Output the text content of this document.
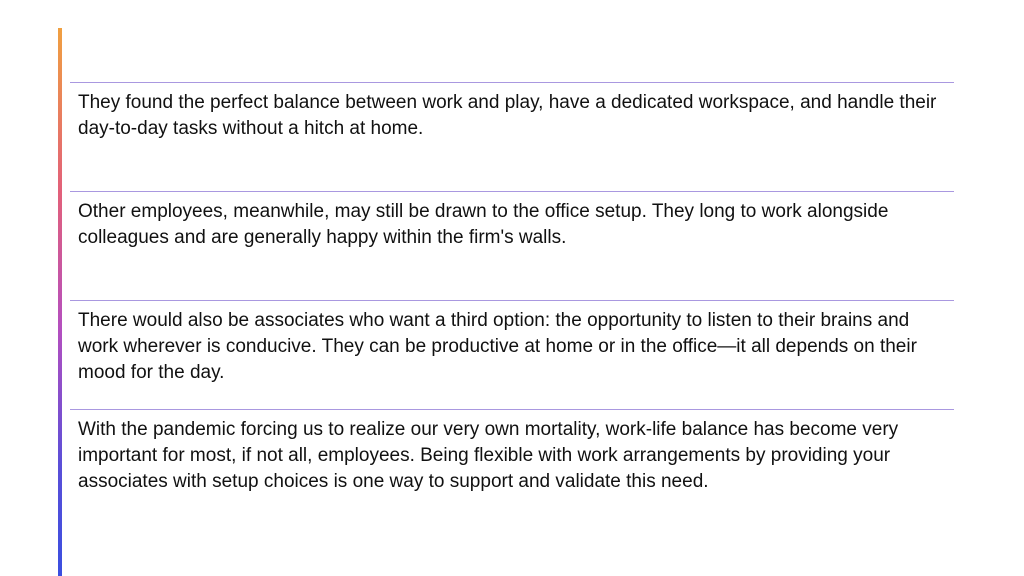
They found the perfect balance between work and play, have a dedicated workspace, and handle their day-to-day tasks without a hitch at home.

Other employees, meanwhile, may still be drawn to the office setup. They long to work alongside colleagues and are generally happy within the firm's walls.

There would also be associates who want a third option: the opportunity to listen to their brains and work wherever is conducive. They can be productive at home or in the office—it all depends on their mood for the day.

With the pandemic forcing us to realize our very own mortality, work-life balance has become very important for most, if not all, employees. Being flexible with work arrangements by providing your associates with setup choices is one way to support and validate this need.
